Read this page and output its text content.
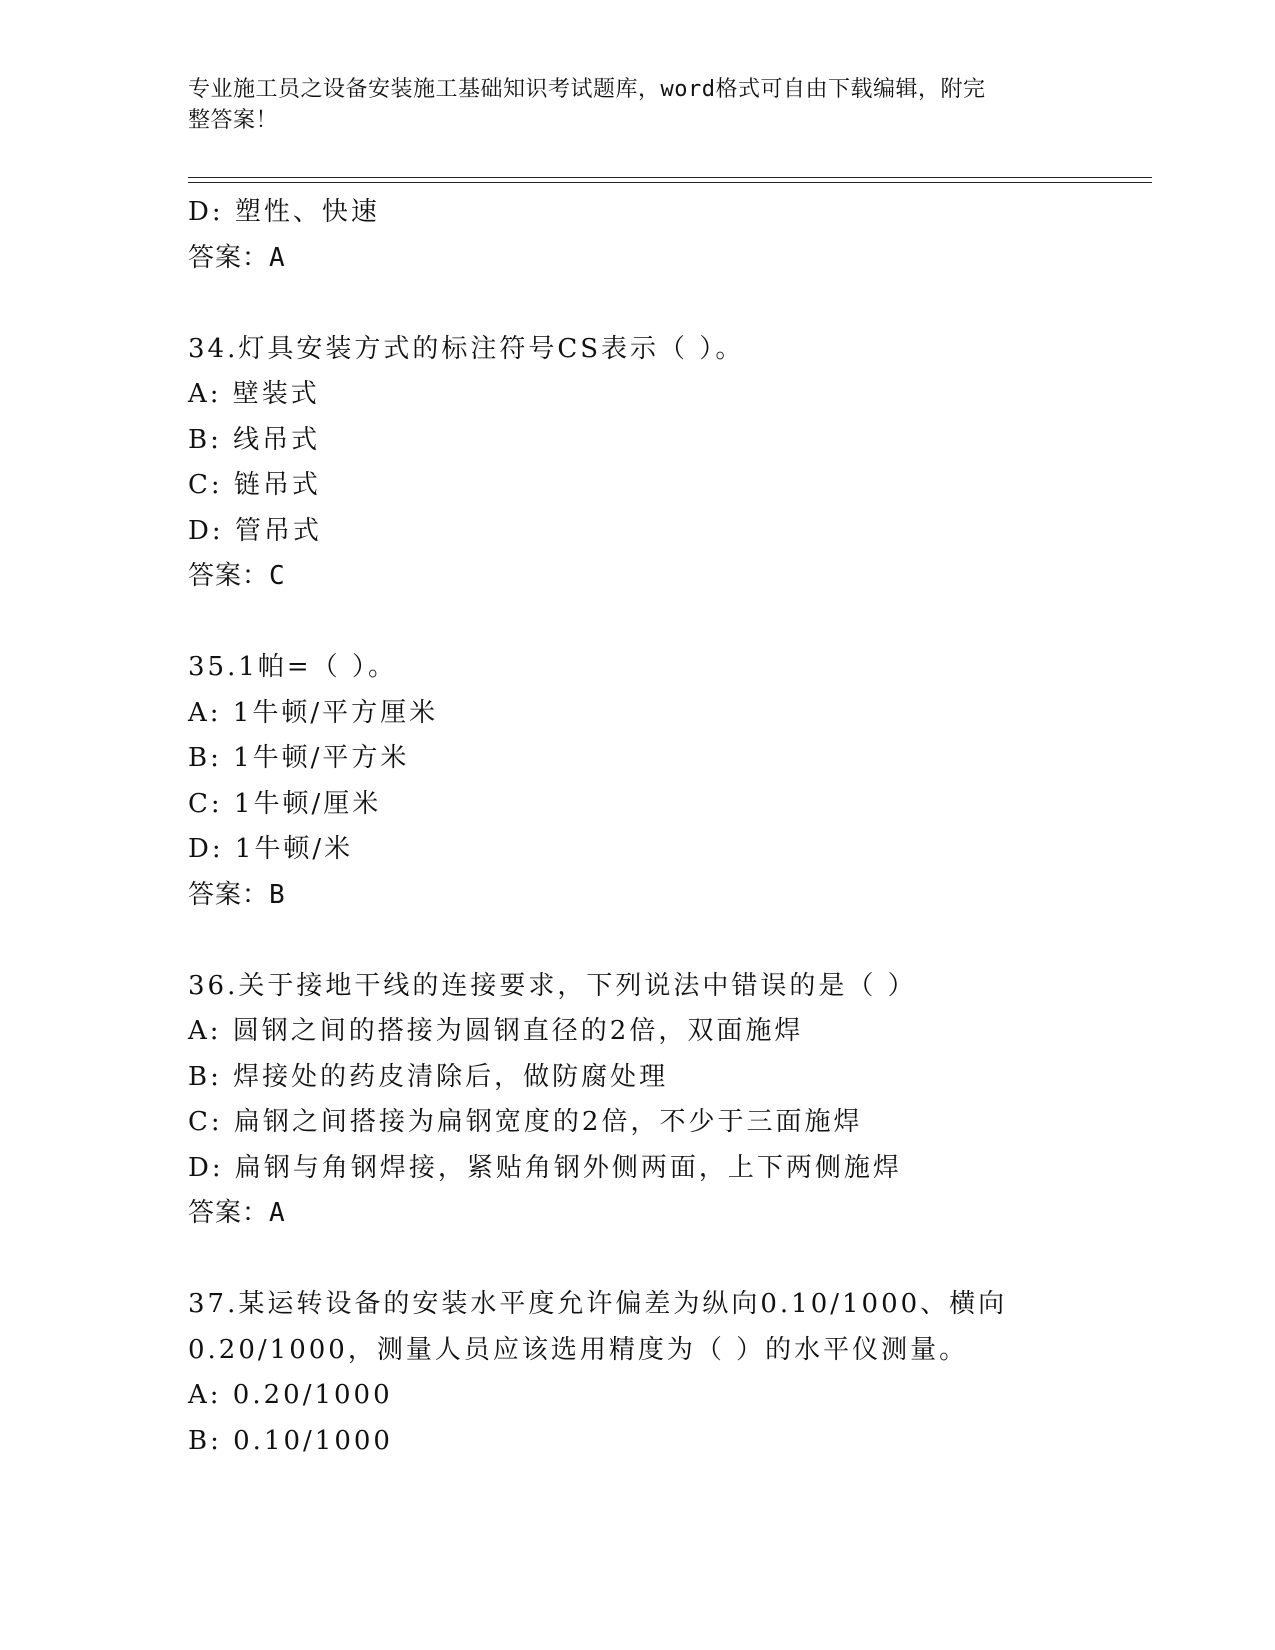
专业施工员之设备安装施工基础知识考试题库，word格式可自由下载编辑，附完
整答案！
D: 塑性、快速
答案：A
34.灯具安装方式的标注符号CS表示（ ）。
A: 壁装式
B: 线吊式
C: 链吊式
D: 管吊式
答案：C
35.1帕=（ ）。
A: 1牛顿/平方厘米
B: 1牛顿/平方米
C: 1牛顿/厘米
D: 1牛顿/米
答案：B
36.关于接地干线的连接要求，下列说法中错误的是（ ）
A: 圆钢之间的搭接为圆钢直径的2倍，双面施焊
B: 焊接处的药皮清除后，做防腐处理
C: 扁钢之间搭接为扁钢宽度的2倍，不少于三面施焊
D: 扁钢与角钢焊接，紧贴角钢外侧两面，上下两侧施焊
答案：A
37.某运转设备的安装水平度允许偏差为纵向0.10/1000、横向
0.20/1000，测量人员应该选用精度为（ ）的水平仪测量。
A: 0.20/1000
B: 0.10/1000
